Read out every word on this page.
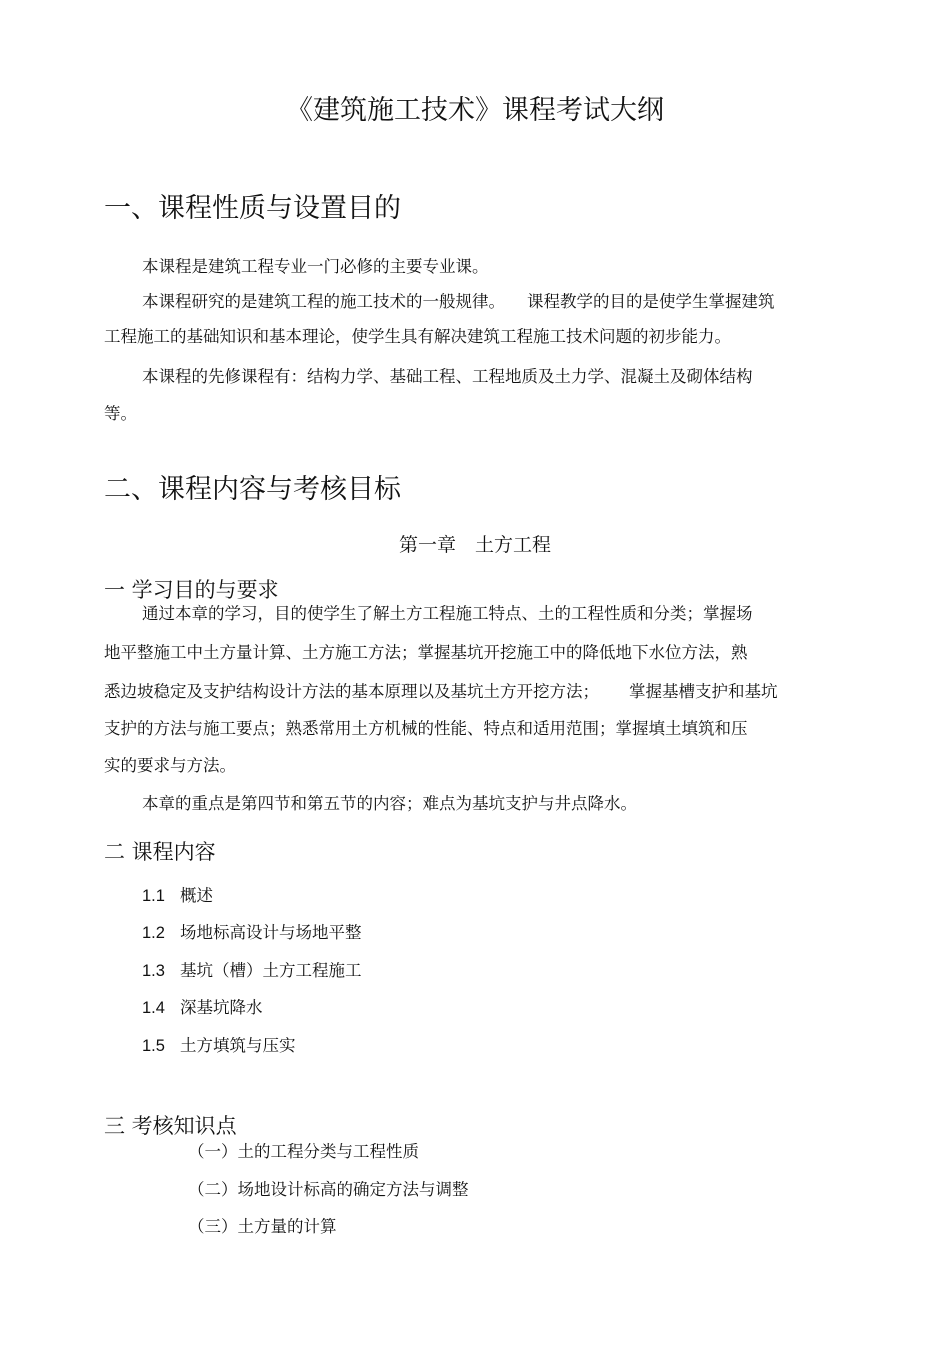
《建筑施工技术》课程考试大纲
一、课程性质与设置目的
本课程是建筑工程专业一门必修的主要专业课。
本课程研究的是建筑工程的施工技术的一般规律。 课程教学的目的是使学生掌握建筑
工程施工的基础知识和基本理论，使学生具有解决建筑工程施工技术问题的初步能力。
本课程的先修课程有：结构力学、基础工程、工程地质及土力学、混凝土及砌体结构
等。
二、课程内容与考核目标
第一章　土方工程
一 学习目的与要求
通过本章的学习，目的使学生了解土方工程施工特点、土的工程性质和分类；掌握场
地平整施工中土方量计算、土方施工方法；掌握基坑开挖施工中的降低地下水位方法，熟
悉边坡稳定及支护结构设计方法的基本原理以及基坑土方开挖方法； 掌握基槽支护和基坑
支护的方法与施工要点；熟悉常用土方机械的性能、特点和适用范围；掌握填土填筑和压
实的要求与方法。
本章的重点是第四节和第五节的内容；难点为基坑支护与井点降水。
二 课程内容
1.1 概述
1.2 场地标高设计与场地平整
1.3 基坑（槽）土方工程施工
1.4 深基坑降水
1.5 土方填筑与压实
三 考核知识点
（一）土的工程分类与工程性质
（二）场地设计标高的确定方法与调整
（三）土方量的计算
